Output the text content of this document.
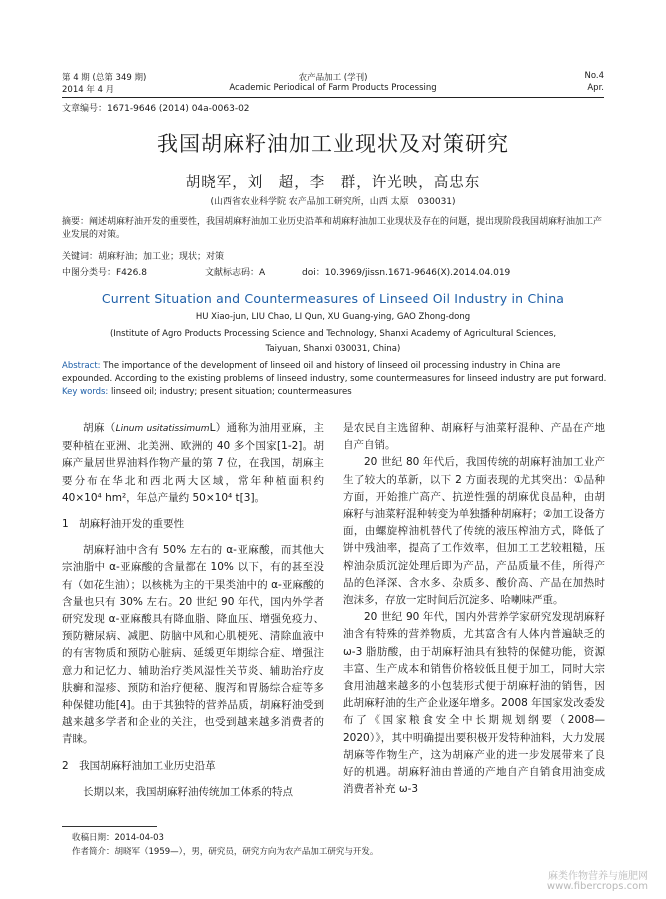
第 4 期 (总第 349 期)
2014 年 4 月
农产品加工 (学刊)
Academic Periodical of Farm Products Processing
No.4
Apr.
文章编号：1671-9646 (2014) 04a-0063-02
我国胡麻籽油加工业现状及对策研究
胡晓军，刘　超，李　群，许光映，高忠东
(山西省农业科学院 农产品加工研究所，山西 太原　030031)
摘要：阐述胡麻籽油开发的重要性，我国胡麻籽油加工业历史沿革和胡麻籽油加工业现状及存在的问题，提出现阶段我国胡麻籽油加工产业发展的对策。
关键词：胡麻籽油；加工业；现状；对策
中图分类号：F426.8	文献标志码：A	doi：10.3969/jissn.1671-9646(X).2014.04.019
Current Situation and Countermeasures of Linseed Oil Industry in China
HU Xiao-jun, LIU Chao, LI Qun, XU Guang-ying, GAO Zhong-dong
(Institute of Agro Products Processing Science and Technology, Shanxi Academy of Agricultural Sciences,
Taiyuan, Shanxi 030031, China)
Abstract: The importance of the development of linseed oil and history of linseed oil processing industry in China are expounded. According to the existing problems of linseed industry, some countermeasures for linseed industry are put forward.
Key words: linseed oil; industry; present situation; countermeasures

胡麻（Linum usitatissimumL）通称为油用亚麻，主要种植在亚洲、北美洲、欧洲的 40 多个国家[1-2]。胡麻产量居世界油料作物产量的第 7 位，在我国，胡麻主要分布在华北和西北两大区域，常年种植面积约 40×10⁴ hm²，年总产量约 50×10⁴ t[3]。

1　胡麻籽油开发的重要性

胡麻籽油中含有 50% 左右的 α-亚麻酸，而其他大宗油脂中 α-亚麻酸的含量都在 10% 以下，有的甚至没有（如花生油）；以核桃为主的干果类油中的 α-亚麻酸的含量也只有 30% 左右。20 世纪 90 年代，国内外学者研究发现 α-亚麻酸具有降血脂、降血压、增强免疫力、预防糖尿病、减肥、防脑中风和心肌梗死、清除血液中的有害物质和预防心脏病、延缓更年期综合症、增强注意力和记忆力、辅助治疗类风湿性关节炎、辅助治疗皮肤癣和湿疹、预防和治疗便秘、腹泻和胃肠综合症等多种保健功能[4]。由于其独特的营养品质，胡麻籽油受到越来越多学者和企业的关注，也受到越来越多消费者的青睐。

2　我国胡麻籽油加工业历史沿革

长期以来，我国胡麻籽油传统加工体系的特点

是农民自主选留种、胡麻籽与油菜籽混种、产品在产地自产自销。

20 世纪 80 年代后，我国传统的胡麻籽油加工业产生了较大的革新，以下 2 方面表现的尤其突出：①品种方面，开始推广高产、抗逆性强的胡麻优良品种，由胡麻籽与油菜籽混种转变为单独播种胡麻籽；②加工设备方面，由螺旋榨油机替代了传统的液压榨油方式，降低了饼中残油率，提高了工作效率，但加工工艺较粗糙，压榨油杂质沉淀处理后即为产品，产品质量不佳，所得产品的色泽深、含水多、杂质多、酸价高、产品在加热时泡沫多，存放一定时间后沉淀多、哈喇味严重。

20 世纪 90 年代，国内外营养学家研究发现胡麻籽油含有特殊的营养物质，尤其富含有人体内普遍缺乏的 ω-3 脂肪酸，由于胡麻籽油具有独特的保健功能，资源丰富、生产成本和销售价格较低且便于加工，同时大宗食用油越来越多的小包装形式便于胡麻籽油的销售，因此胡麻籽油的生产企业逐年增多。2008 年国家发改委发布了《国家粮食安全中长期规划纲要（2008—2020）》，其中明确提出要积极开发特种油料，大力发展胡麻等作物生产，这为胡麻产业的进一步发展带来了良好的机遇。胡麻籽油由普通的产地自产自销食用油变成消费者补充 ω-3

收稿日期：2014-04-03
作者简介：胡晓军（1959—），男，研究员，研究方向为农产品加工研究与开发。
麻类作物营养与施肥网
www.fibercrops.com
